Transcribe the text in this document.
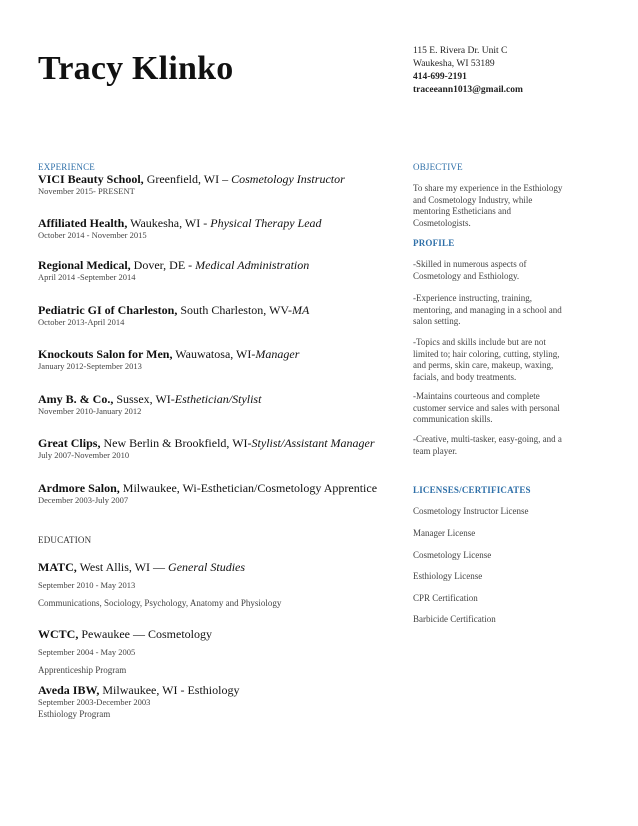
Tracy Klinko	115 E. Rivera Dr. Unit C
Waukesha, WI 53189
414-699-2191
traceeann1013@gmail.com
EXPERIENCE
VICI Beauty School, Greenfield, WI – Cosmetology Instructor
November 2015- PRESENT
Affiliated Health, Waukesha, WI - Physical Therapy Lead
October 2014 - November 2015
Regional Medical, Dover, DE - Medical Administration
April 2014 -September 2014
Pediatric GI of Charleston, South Charleston, WV-MA
October 2013-April 2014
Knockouts Salon for Men, Wauwatosa, WI-Manager
January 2012-September 2013
Amy B. & Co., Sussex, WI-Esthetician/Stylist
November 2010-January 2012
Great Clips, New Berlin & Brookfield, WI-Stylist/Assistant Manager
July 2007-November 2010
Ardmore Salon, Milwaukee, Wi-Esthetician/Cosmetology Apprentice
December 2003-July 2007
EDUCATION
MATC, West Allis, WI — General Studies
September 2010 - May 2013
Communications, Sociology, Psychology, Anatomy and Physiology
WCTC, Pewaukee — Cosmetology
September 2004 - May 2005
Apprenticeship Program
Aveda IBW, Milwaukee, WI - Esthiology
September 2003-December 2003
Esthiology Program
OBJECTIVE
To share my experience in the Esthiology and Cosmetology Industry, while mentoring Estheticians and Cosmetologists.
PROFILE
-Skilled in numerous aspects of Cosmetology and Esthiology.
-Experience instructing, training, mentoring, and managing in a school and salon setting.
-Topics and skills include but are not limited to; hair coloring, cutting, styling, and perms, skin care, makeup, waxing, facials, and body treatments.
-Maintains courteous and complete customer service and sales with personal communication skills.
-Creative, multi-tasker, easy-going, and a team player.
LICENSES/CERTIFICATES
Cosmetology Instructor License
Manager License
Cosmetology License
Esthiology License
CPR Certification
Barbicide Certification
